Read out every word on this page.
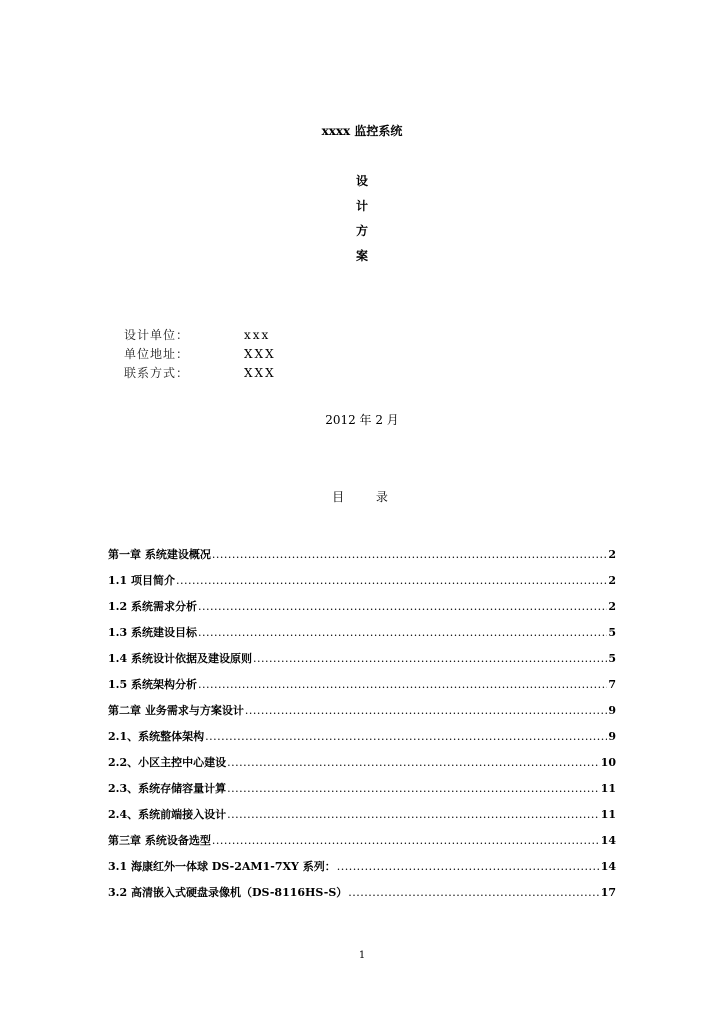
xxxx 监控系统
设
计
方
案
设计单位：	xxx
单位地址：	XXX
联系方式：	XXX
2012 年 2 月
目 录
第一章 系统建设概况 .....	2
1.1 项目简介 .....	2
1.2 系统需求分析 .....	2
1.3 系统建设目标 .....	5
1.4 系统设计依据及建设原则 .....	5
1.5 系统架构分析 .....	7
第二章 业务需求与方案设计 .....	9
2.1、系统整体架构 .....	9
2.2、小区主控中心建设 .....	10
2.3、系统存储容量计算 .....	11
2.4、系统前端接入设计 .....	11
第三章 系统设备选型 .....	14
3.1 海康红外一体球 DS-2AM1-7XY 系列： .....	14
3.2 高清嵌入式硬盘录像机（DS-8116HS-S） .....	17
1
